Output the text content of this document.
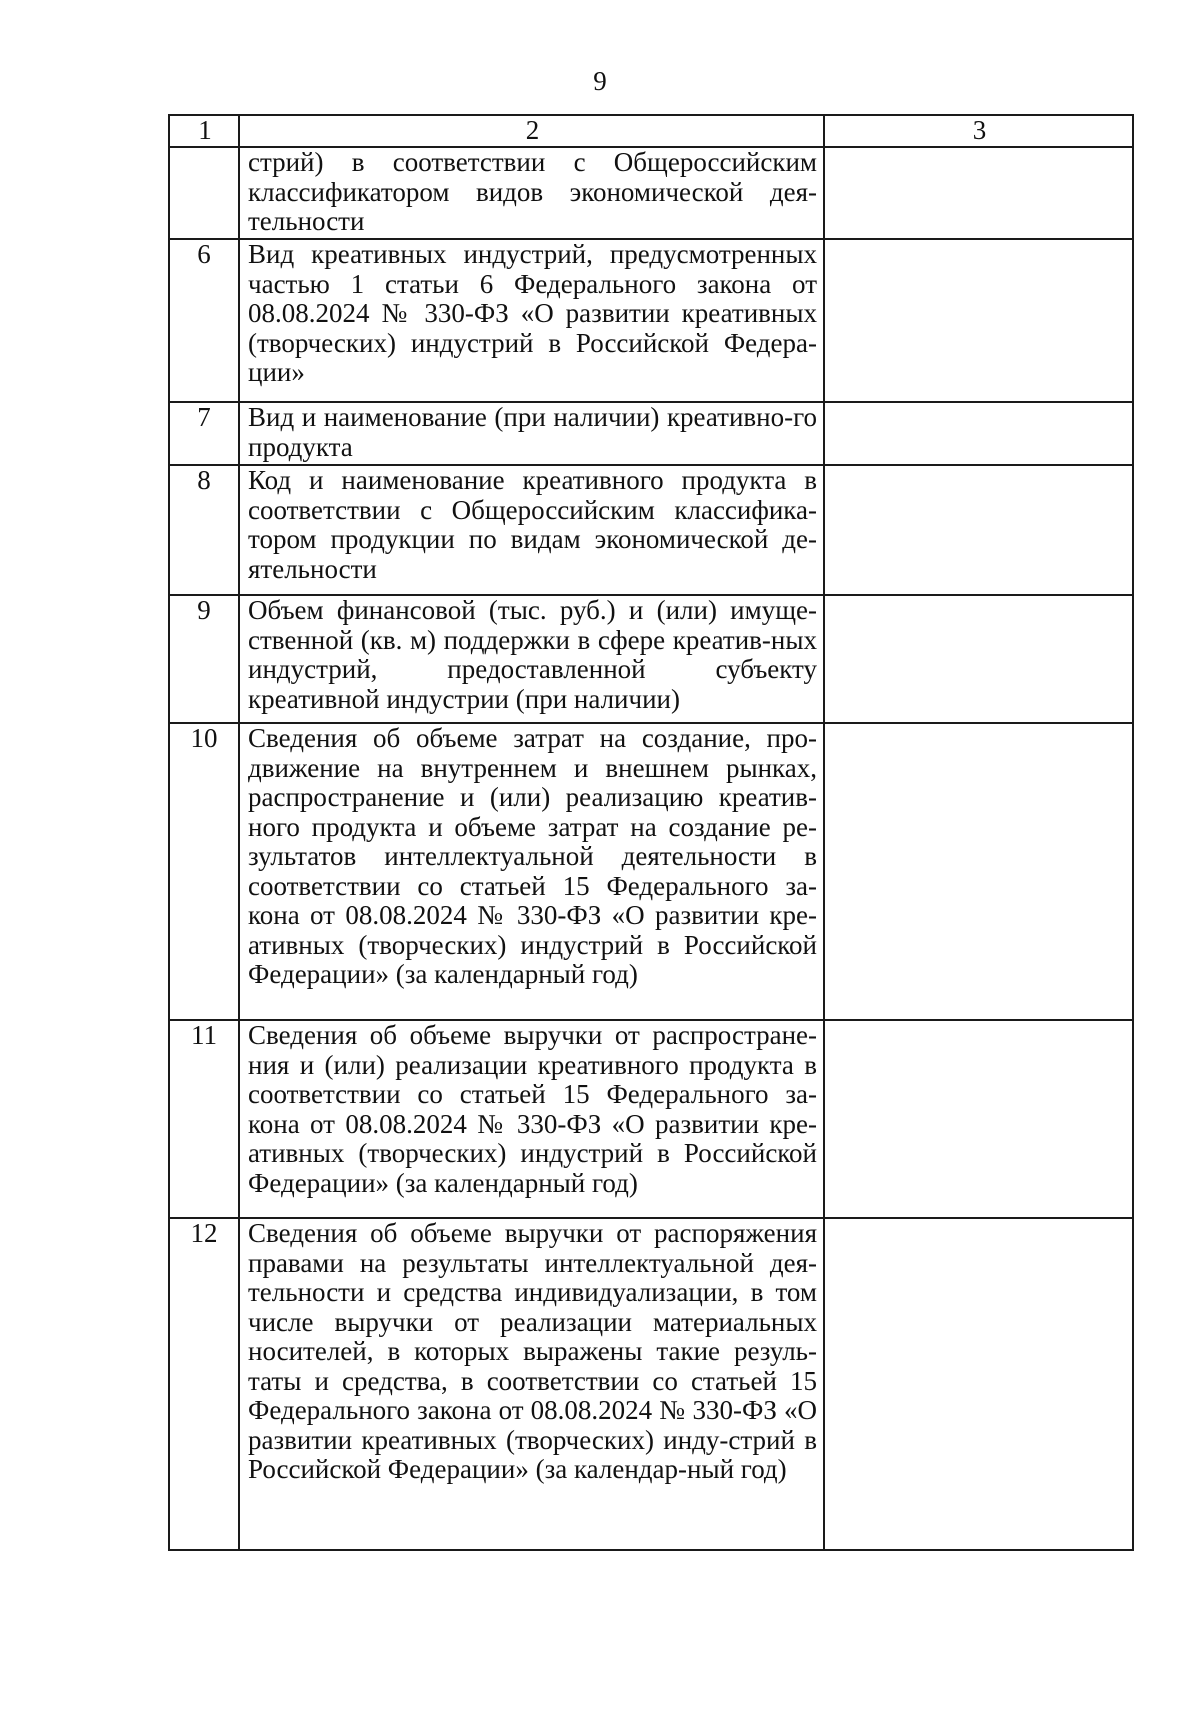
9
1	2	3
	стрий) в соответствии с Общероссийским классификатором видов экономической дея-тельности	
6	Вид креативных индустрий, предусмотренных частью 1 статьи 6 Федерального закона от 08.08.2024 № 330-ФЗ «О развитии креативных (творческих) индустрий в Российской Федера-ции»	
7	Вид и наименование (при наличии) креативно-го продукта	
8	Код и наименование креативного продукта в соответствии с Общероссийским классифика-тором продукции по видам экономической де-ятельности	
9	Объем финансовой (тыс. руб.) и (или) имуще-ственной (кв. м) поддержки в сфере креатив-ных индустрий, предоставленной субъекту креативной индустрии (при наличии)	
10	Сведения об объеме затрат на создание, про-движение на внутреннем и внешнем рынках, распространение и (или) реализацию креатив-ного продукта и объеме затрат на создание ре-зультатов интеллектуальной деятельности в соответствии со статьей 15 Федерального за-кона от 08.08.2024 № 330-ФЗ «О развитии кре-ативных (творческих) индустрий в Российской Федерации» (за календарный год)	
11	Сведения об объеме выручки от распростране-ния и (или) реализации креативного продукта в соответствии со статьей 15 Федерального за-кона от 08.08.2024 № 330-ФЗ «О развитии кре-ативных (творческих) индустрий в Российской Федерации» (за календарный год)	
12	Сведения об объеме выручки от распоряжения правами на результаты интеллектуальной дея-тельности и средства индивидуализации, в том числе выручки от реализации материальных носителей, в которых выражены такие резуль-таты и средства, в соответствии со статьей 15 Федерального закона от 08.08.2024 № 330-ФЗ «О развитии креативных (творческих) инду-стрий в Российской Федерации» (за календар-ный год)	
